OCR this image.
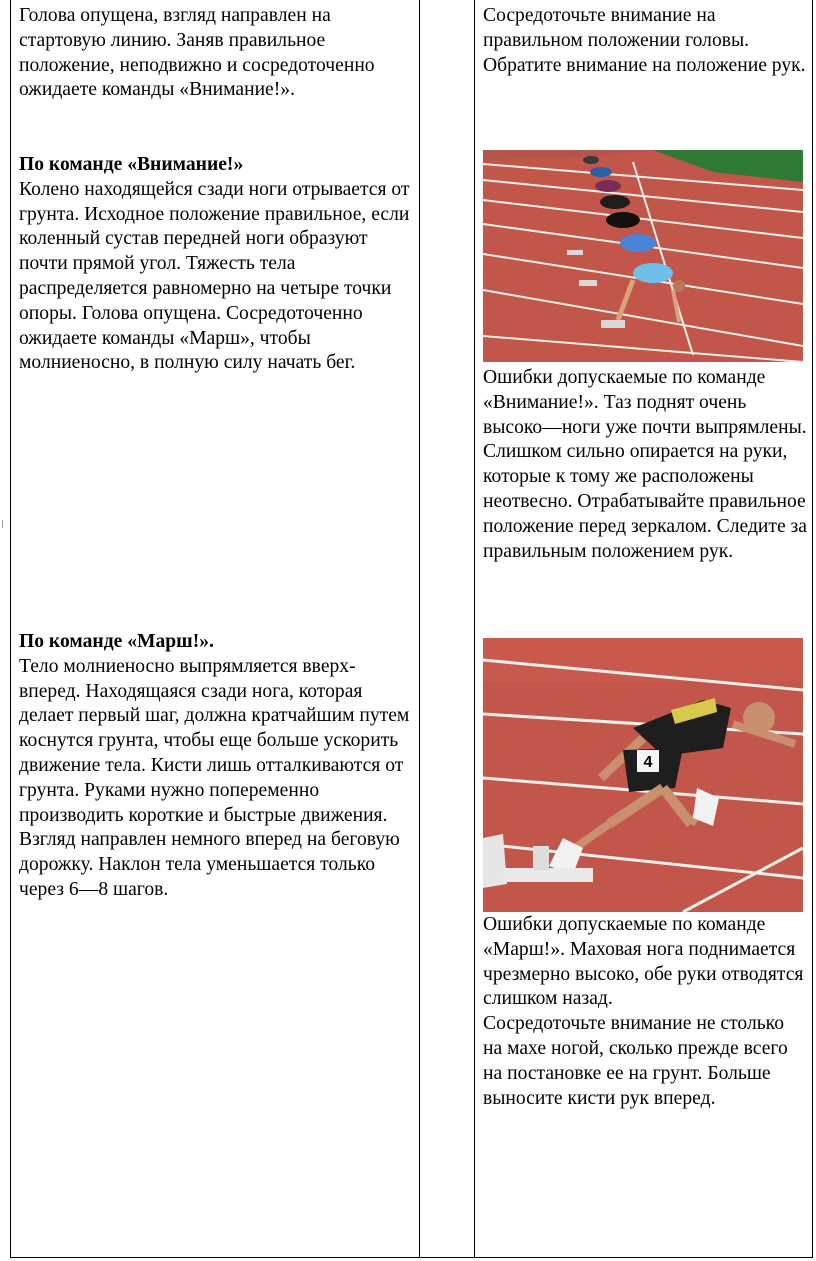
Голова опущена, взгляд направлен на стартовую линию. Заняв правильное положение, неподвижно и сосредоточенно ожидаете команды «Внимание!».

По команде «Внимание!»
Колено находящейся сзади ноги отрывается от грунта. Исходное положение правильное, если коленный сустав передней ноги образуют почти прямой угол. Тяжесть тела распределяется равномерно на четыре точки опоры. Голова опущена. Сосредоточенно ожидаете команды «Марш», чтобы молниеносно, в полную силу начать бег.
По команде «Марш!».
Тело молниеносно выпрямляется вверх-вперед. Находящаяся сзади нога, которая делает первый шаг, должна кратчайшим путем коснутся грунта, чтобы еще больше ускорить движение тела. Кисти лишь отталкиваются от грунта. Руками нужно попеременно производить короткие и быстрые движения. Взгляд направлен немного вперед на беговую дорожку. Наклон тела уменьшается только через 6—8 шагов.

Сосредоточьте внимание на правильном положении головы. Обратите внимание на положение рук.

Ошибки допускаемые по команде «Внимание!». Таз поднят очень высоко—ноги уже почти выпрямлены. Слишком сильно опирается на руки, которые к тому же расположены неотвесно. Отрабатывайте правильное положение перед зеркалом. Следите за правильным положением рук.

4
Ошибки допускаемые по команде «Марш!». Маховая нога поднимается чрезмерно высоко, обе руки отводятся слишком назад.
Сосредоточьте внимание не столько на махе ногой, сколько прежде всего на постановке ее на грунт. Больше выносите кисти рук вперед.
